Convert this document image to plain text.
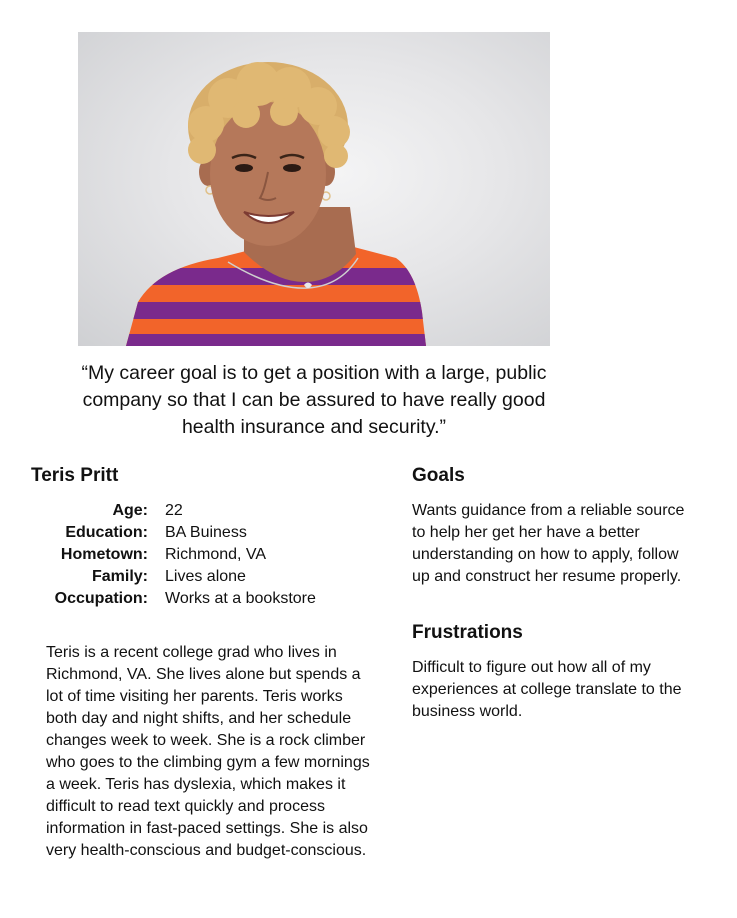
“My career goal is to get a position with a large, public company so that I can be assured to have really good health insurance and security.”
Teris Pritt
Age:	22
Education:	BA Buiness
Hometown:	Richmond, VA
Family:	Lives alone
Occupation:	Works at a bookstore

Teris is a recent college grad who lives in Richmond, VA. She lives alone but spends a lot of time visiting her parents. Teris works both day and night shifts, and her schedule changes week to week. She is a rock climber who goes to the climbing gym a few mornings a week. Teris has dyslexia, which makes it difficult to read text quickly and process information in fast-paced settings. She is also very health-conscious and budget-conscious.

Goals

Wants guidance from a reliable source to help her get her have a better understanding on how to apply, follow up and construct her resume properly.

Frustrations

Difficult to figure out how all of my experiences at college translate to the business world.
